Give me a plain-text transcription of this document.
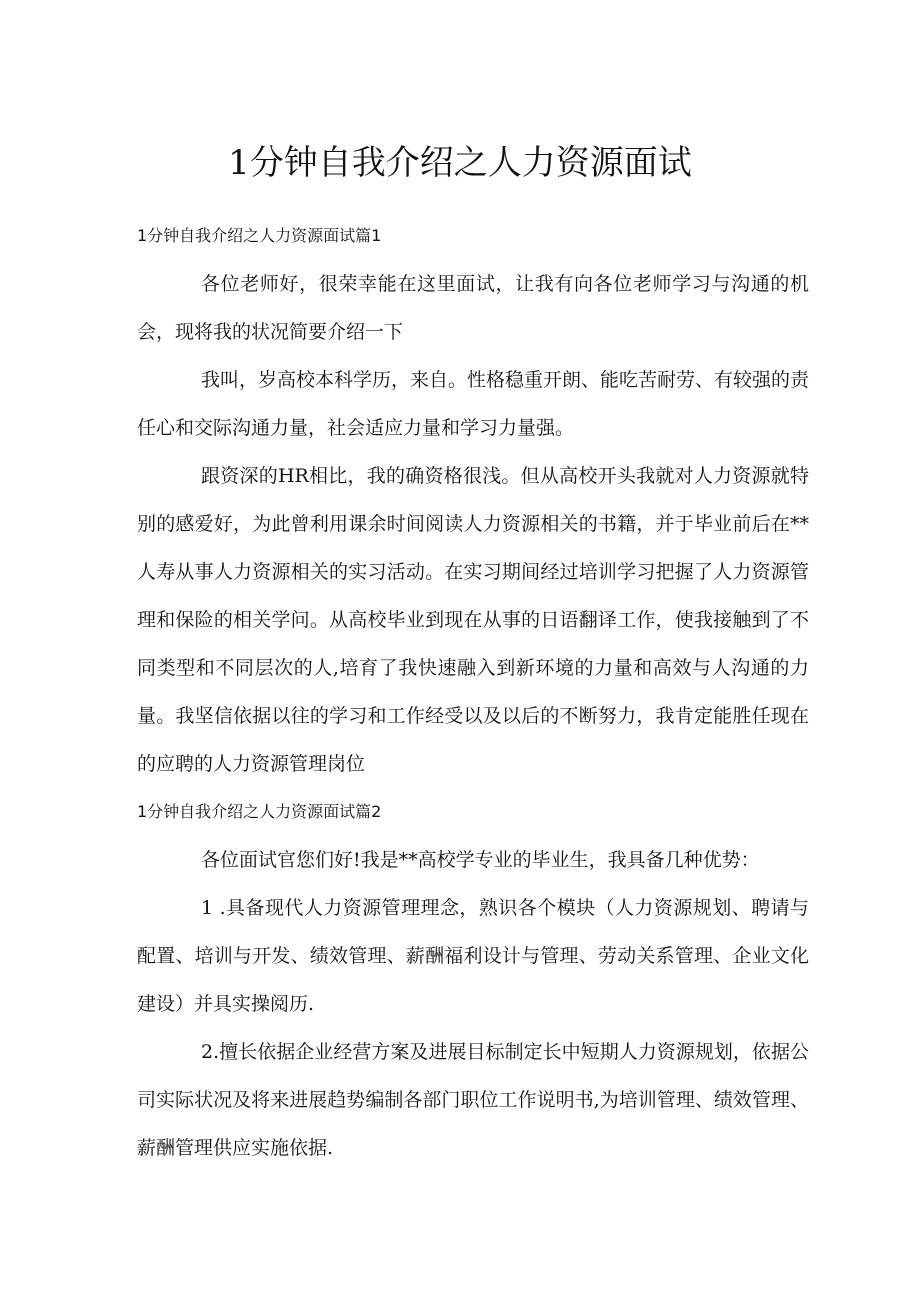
1分钟自我介绍之人力资源面试
1分钟自我介绍之人力资源面试篇1

各位老师好，很荣幸能在这里面试，让我有向各位老师学习与沟通的机会，现将我的状况简要介绍一下

我叫，岁高校本科学历，来自。性格稳重开朗、能吃苦耐劳、有较强的责任心和交际沟通力量，社会适应力量和学习力量强。

跟资深的HR相比，我的确资格很浅。但从高校开头我就对人力资源就特别的感爱好，为此曾利用课余时间阅读人力资源相关的书籍，并于毕业前后在**人寿从事人力资源相关的实习活动。在实习期间经过培训学习把握了人力资源管理和保险的相关学问。从高校毕业到现在从事的日语翻译工作，使我接触到了不同类型和不同层次的人,培育了我快速融入到新环境的力量和高效与人沟通的力量。我坚信依据以往的学习和工作经受以及以后的不断努力，我肯定能胜任现在的应聘的人力资源管理岗位

1分钟自我介绍之人力资源面试篇2

各位面试官您们好!我是**高校学专业的毕业生，我具备几种优势：

1 .具备现代人力资源管理理念，熟识各个模块（人力资源规划、聘请与配置、培训与开发、绩效管理、薪酬福利设计与管理、劳动关系管理、企业文化建设）并具实操阅历.

2.擅长依据企业经营方案及进展目标制定长中短期人力资源规划，依据公司实际状况及将来进展趋势编制各部门职位工作说明书,为培训管理、绩效管理、薪酬管理供应实施依据.
